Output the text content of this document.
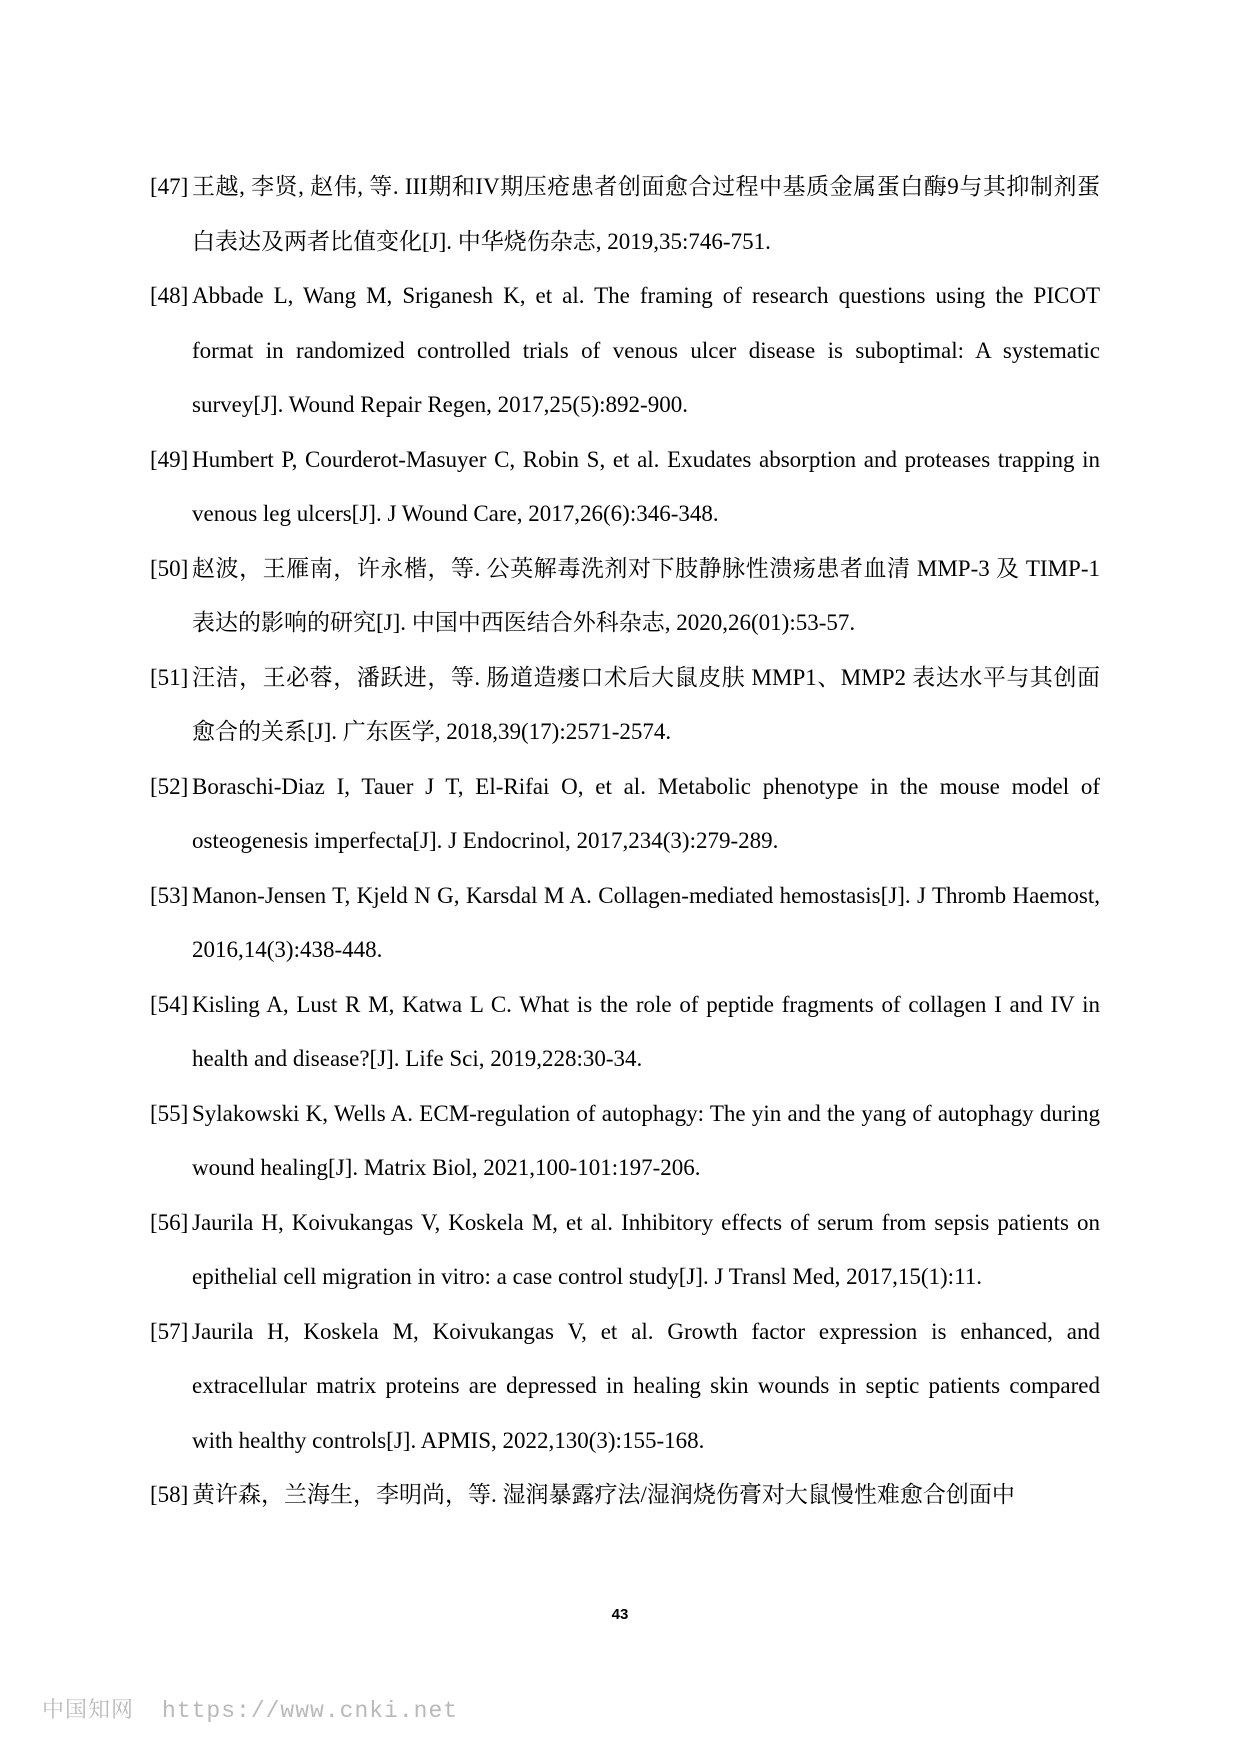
[47] 王越, 李贤, 赵伟, 等. III期和IV期压疮患者创面愈合过程中基质金属蛋白酶9与其抑制剂蛋白表达及两者比值变化[J]. 中华烧伤杂志, 2019,35:746-751.
[48] Abbade L, Wang M, Sriganesh K, et al. The framing of research questions using the PICOT format in randomized controlled trials of venous ulcer disease is suboptimal: A systematic survey[J]. Wound Repair Regen, 2017,25(5):892-900.
[49] Humbert P, Courderot-Masuyer C, Robin S, et al. Exudates absorption and proteases trapping in venous leg ulcers[J]. J Wound Care, 2017,26(6):346-348.
[50] 赵波，王雁南，许永楷，等. 公英解毒洗剂对下肢静脉性溃疡患者血清 MMP-3 及 TIMP-1 表达的影响的研究[J]. 中国中西医结合外科杂志, 2020,26(01):53-57.
[51] 汪洁，王必蓉，潘跃进，等. 肠道造瘘口术后大鼠皮肤 MMP1、MMP2 表达水平与其创面愈合的关系[J]. 广东医学, 2018,39(17):2571-2574.
[52] Boraschi-Diaz I, Tauer J T, El-Rifai O, et al. Metabolic phenotype in the mouse model of osteogenesis imperfecta[J]. J Endocrinol, 2017,234(3):279-289.
[53] Manon-Jensen T, Kjeld N G, Karsdal M A. Collagen-mediated hemostasis[J]. J Thromb Haemost, 2016,14(3):438-448.
[54] Kisling A, Lust R M, Katwa L C. What is the role of peptide fragments of collagen I and IV in health and disease?[J]. Life Sci, 2019,228:30-34.
[55] Sylakowski K, Wells A. ECM-regulation of autophagy: The yin and the yang of autophagy during wound healing[J]. Matrix Biol, 2021,100-101:197-206.
[56] Jaurila H, Koivukangas V, Koskela M, et al. Inhibitory effects of serum from sepsis patients on epithelial cell migration in vitro: a case control study[J]. J Transl Med, 2017,15(1):11.
[57] Jaurila H, Koskela M, Koivukangas V, et al. Growth factor expression is enhanced, and extracellular matrix proteins are depressed in healing skin wounds in septic patients compared with healthy controls[J]. APMIS, 2022,130(3):155-168.
[58] 黄许森，兰海生，李明尚，等. 湿润暴露疗法/湿润烧伤膏对大鼠慢性难愈合创面中
43
中国知网 https://www.cnki.net
